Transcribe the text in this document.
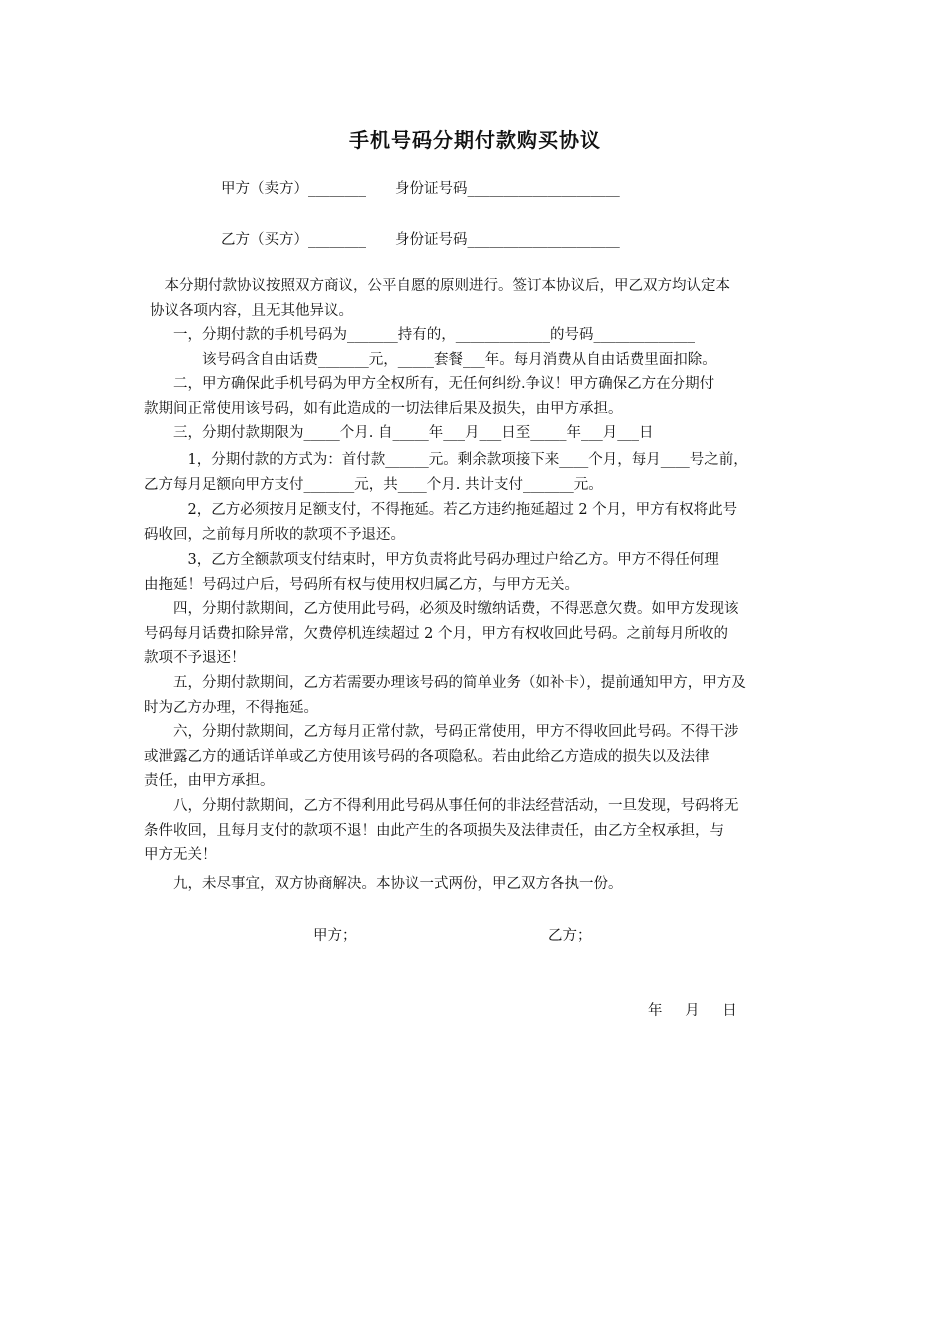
手机号码分期付款购买协议
甲方（卖方）________　　身份证号码_____________________
乙方（买方）________　　身份证号码_____________________
　本分期付款协议按照双方商议，公平自愿的原则进行。签订本协议后，甲乙双方均认定本
协议各项内容，且无其他异议。
　　一，分期付款的手机号码为_______持有的，_____________的号码______________
　　　　该号码含自由话费_______元，_____套餐___年。每月消费从自由话费里面扣除。
　　二，甲方确保此手机号码为甲方全权所有，无任何纠纷.争议！甲方确保乙方在分期付
款期间正常使用该号码，如有此造成的一切法律后果及损失，由甲方承担。
　　三，分期付款期限为_____个月. 自_____年___月___日至_____年___月___日
　　　1，分期付款的方式为：首付款______元。剩余款项接下来____个月，每月____号之前，
乙方每月足额向甲方支付_______元，共____个月. 共计支付_______元。
　　　2，乙方必须按月足额支付，不得拖延。若乙方违约拖延超过 2 个月，甲方有权将此号
码收回，之前每月所收的款项不予退还。
　　　3，乙方全额款项支付结束时，甲方负责将此号码办理过户给乙方。甲方不得任何理
由拖延！号码过户后，号码所有权与使用权归属乙方，与甲方无关。
　　四，分期付款期间，乙方使用此号码，必须及时缴纳话费，不得恶意欠费。如甲方发现该
号码每月话费扣除异常，欠费停机连续超过 2 个月，甲方有权收回此号码。之前每月所收的
款项不予退还！
　　五，分期付款期间，乙方若需要办理该号码的简单业务（如补卡），提前通知甲方，甲方及
时为乙方办理，不得拖延。
　　六，分期付款期间，乙方每月正常付款，号码正常使用，甲方不得收回此号码。不得干涉
或泄露乙方的通话详单或乙方使用该号码的各项隐私。若由此给乙方造成的损失以及法律
责任，由甲方承担。
　　八，分期付款期间，乙方不得利用此号码从事任何的非法经营活动，一旦发现，号码将无
条件收回，且每月支付的款项不退！由此产生的各项损失及法律责任，由乙方全权承担，与
甲方无关！
　　九，未尽事宜，双方协商解决。本协议一式两份，甲乙双方各执一份。
甲方；	乙方；
年 月 日
